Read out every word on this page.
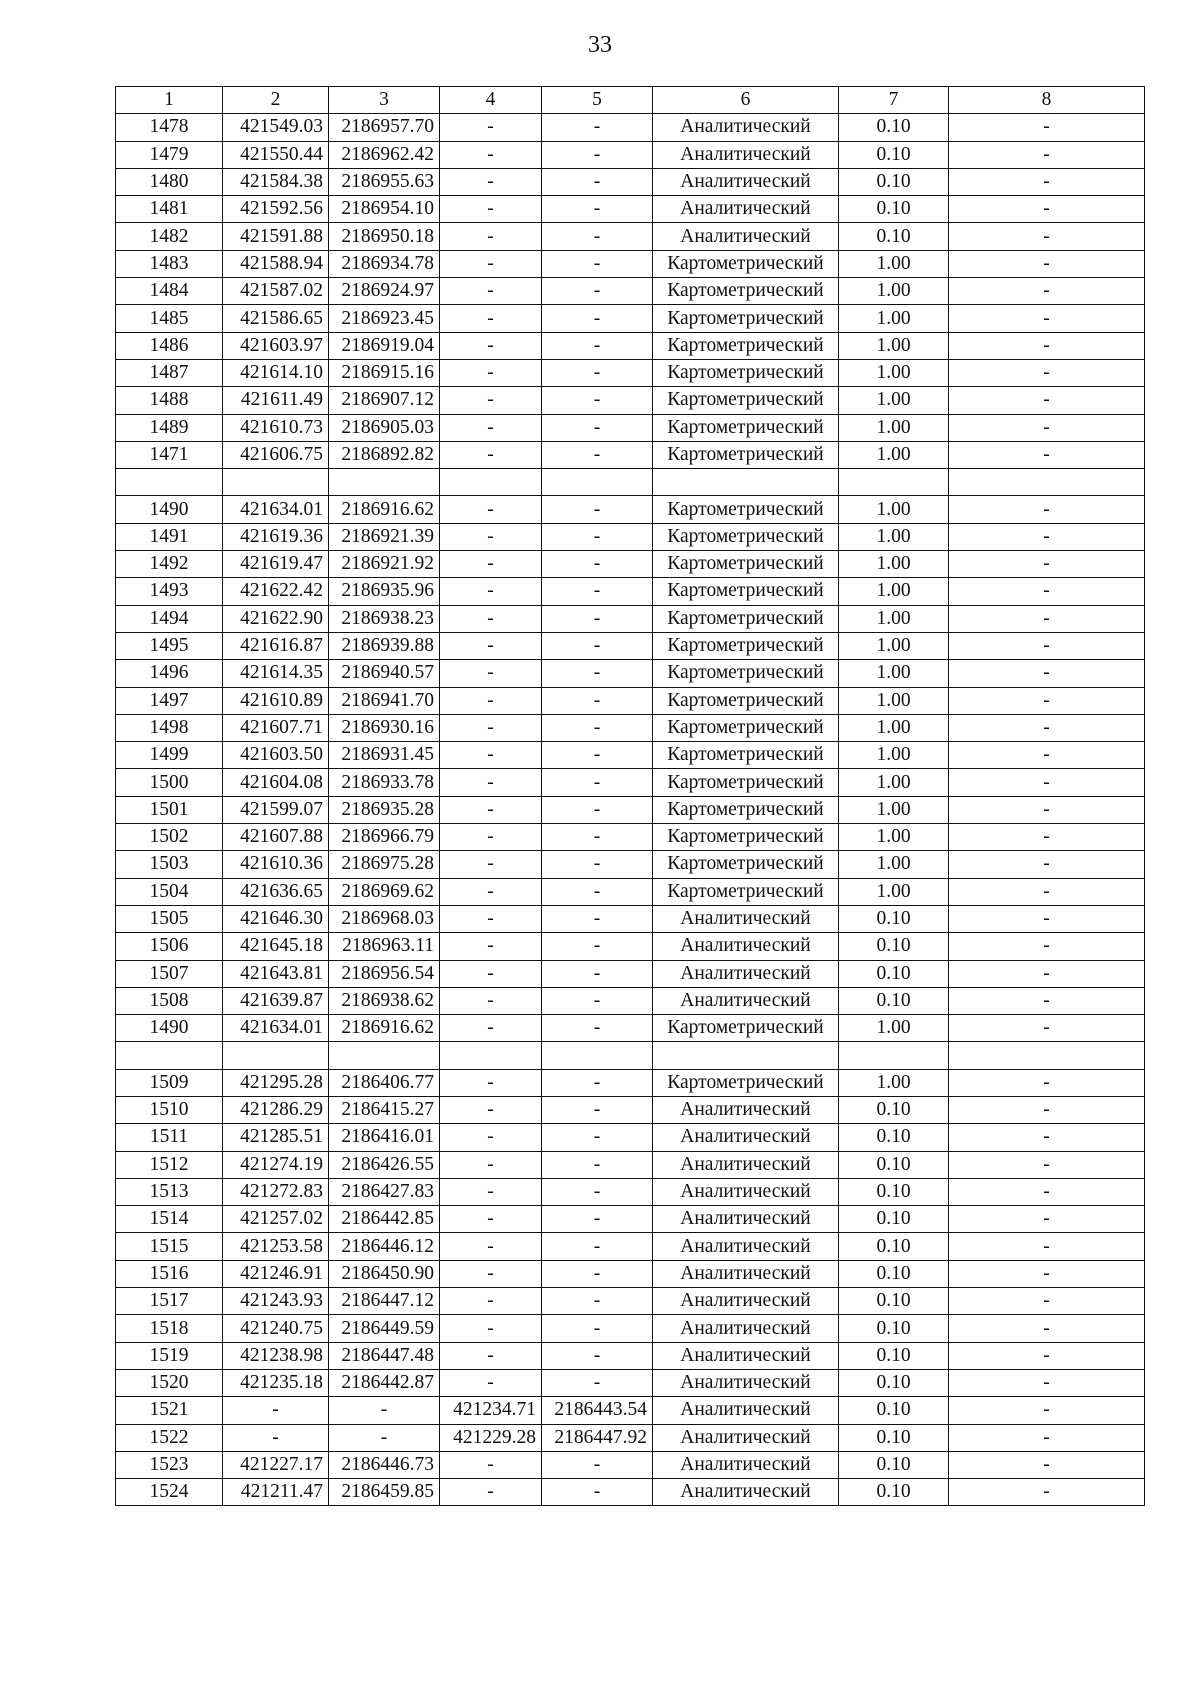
33
1	2	3	4	5	6	7	8
1478	421549.03	2186957.70	-	-	Аналитический	0.10	-
1479	421550.44	2186962.42	-	-	Аналитический	0.10	-
1480	421584.38	2186955.63	-	-	Аналитический	0.10	-
1481	421592.56	2186954.10	-	-	Аналитический	0.10	-
1482	421591.88	2186950.18	-	-	Аналитический	0.10	-
1483	421588.94	2186934.78	-	-	Картометрический	1.00	-
1484	421587.02	2186924.97	-	-	Картометрический	1.00	-
1485	421586.65	2186923.45	-	-	Картометрический	1.00	-
1486	421603.97	2186919.04	-	-	Картометрический	1.00	-
1487	421614.10	2186915.16	-	-	Картометрический	1.00	-
1488	421611.49	2186907.12	-	-	Картометрический	1.00	-
1489	421610.73	2186905.03	-	-	Картометрический	1.00	-
1471	421606.75	2186892.82	-	-	Картометрический	1.00	-

1490	421634.01	2186916.62	-	-	Картометрический	1.00	-
1491	421619.36	2186921.39	-	-	Картометрический	1.00	-
1492	421619.47	2186921.92	-	-	Картометрический	1.00	-
1493	421622.42	2186935.96	-	-	Картометрический	1.00	-
1494	421622.90	2186938.23	-	-	Картометрический	1.00	-
1495	421616.87	2186939.88	-	-	Картометрический	1.00	-
1496	421614.35	2186940.57	-	-	Картометрический	1.00	-
1497	421610.89	2186941.70	-	-	Картометрический	1.00	-
1498	421607.71	2186930.16	-	-	Картометрический	1.00	-
1499	421603.50	2186931.45	-	-	Картометрический	1.00	-
1500	421604.08	2186933.78	-	-	Картометрический	1.00	-
1501	421599.07	2186935.28	-	-	Картометрический	1.00	-
1502	421607.88	2186966.79	-	-	Картометрический	1.00	-
1503	421610.36	2186975.28	-	-	Картометрический	1.00	-
1504	421636.65	2186969.62	-	-	Картометрический	1.00	-
1505	421646.30	2186968.03	-	-	Аналитический	0.10	-
1506	421645.18	2186963.11	-	-	Аналитический	0.10	-
1507	421643.81	2186956.54	-	-	Аналитический	0.10	-
1508	421639.87	2186938.62	-	-	Аналитический	0.10	-
1490	421634.01	2186916.62	-	-	Картометрический	1.00	-

1509	421295.28	2186406.77	-	-	Картометрический	1.00	-
1510	421286.29	2186415.27	-	-	Аналитический	0.10	-
1511	421285.51	2186416.01	-	-	Аналитический	0.10	-
1512	421274.19	2186426.55	-	-	Аналитический	0.10	-
1513	421272.83	2186427.83	-	-	Аналитический	0.10	-
1514	421257.02	2186442.85	-	-	Аналитический	0.10	-
1515	421253.58	2186446.12	-	-	Аналитический	0.10	-
1516	421246.91	2186450.90	-	-	Аналитический	0.10	-
1517	421243.93	2186447.12	-	-	Аналитический	0.10	-
1518	421240.75	2186449.59	-	-	Аналитический	0.10	-
1519	421238.98	2186447.48	-	-	Аналитический	0.10	-
1520	421235.18	2186442.87	-	-	Аналитический	0.10	-
1521	-	-	421234.71	2186443.54	Аналитический	0.10	-
1522	-	-	421229.28	2186447.92	Аналитический	0.10	-
1523	421227.17	2186446.73	-	-	Аналитический	0.10	-
1524	421211.47	2186459.85	-	-	Аналитический	0.10	-
